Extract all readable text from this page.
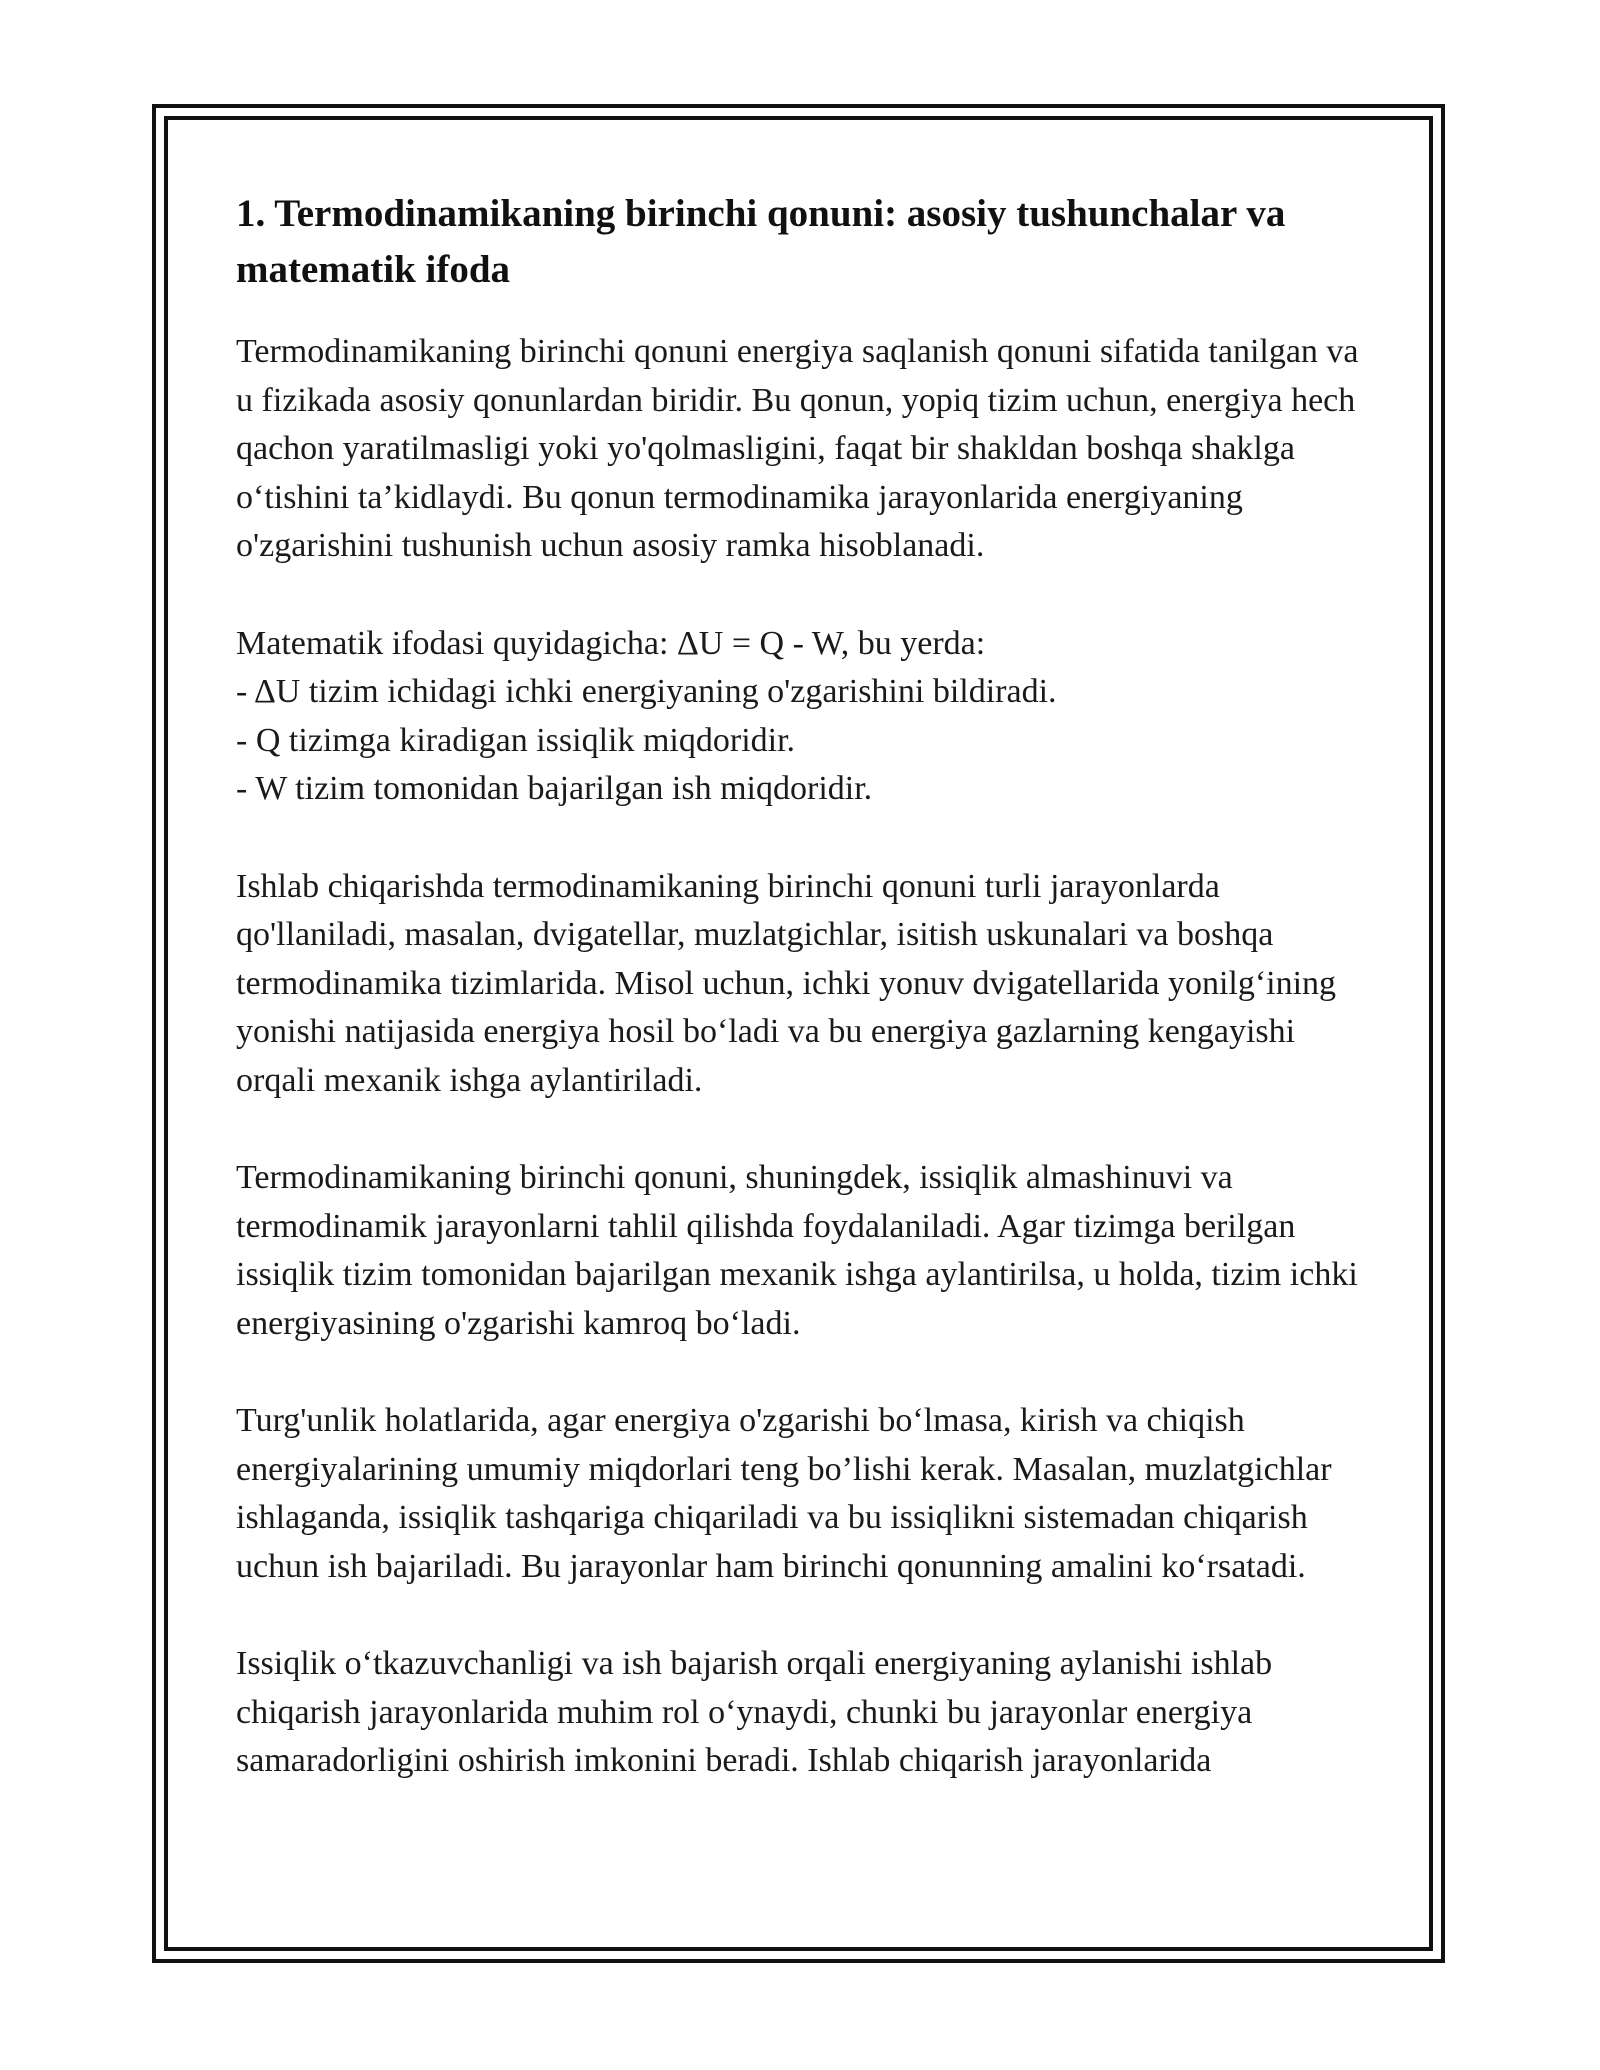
1. Termodinamikaning birinchi qonuni: asosiy tushunchalar va matematik ifoda

Termodinamikaning birinchi qonuni energiya saqlanish qonuni sifatida tanilgan va u fizikada asosiy qonunlardan biridir. Bu qonun, yopiq tizim uchun, energiya hech qachon yaratilmasligi yoki yo'qolmasligini, faqat bir shakldan boshqa shaklga o‘tishini ta’kidlaydi. Bu qonun termodinamika jarayonlarida energiyaning o'zgarishini tushunish uchun asosiy ramka hisoblanadi.

Matematik ifodasi quyidagicha: ΔU = Q - W, bu yerda:
- ΔU tizim ichidagi ichki energiyaning o'zgarishini bildiradi.
- Q tizimga kiradigan issiqlik miqdoridir.
- W tizim tomonidan bajarilgan ish miqdoridir.

Ishlab chiqarishda termodinamikaning birinchi qonuni turli jarayonlarda qo'llaniladi, masalan, dvigatellar, muzlatgichlar, isitish uskunalari va boshqa termodinamika tizimlarida. Misol uchun, ichki yonuv dvigatellarida yonilg‘ining yonishi natijasida energiya hosil bo‘ladi va bu energiya gazlarning kengayishi orqali mexanik ishga aylantiriladi.

Termodinamikaning birinchi qonuni, shuningdek, issiqlik almashinuvi va termodinamik jarayonlarni tahlil qilishda foydalaniladi. Agar tizimga berilgan issiqlik tizim tomonidan bajarilgan mexanik ishga aylantirilsa, u holda, tizim ichki energiyasining o'zgarishi kamroq bo‘ladi.

Turg'unlik holatlarida, agar energiya o'zgarishi bo‘lmasa, kirish va chiqish energiyalarining umumiy miqdorlari teng bo’lishi kerak. Masalan, muzlatgichlar ishlaganda, issiqlik tashqariga chiqariladi va bu issiqlikni sistemadan chiqarish uchun ish bajariladi. Bu jarayonlar ham birinchi qonunning amalini ko‘rsatadi.

Issiqlik o‘tkazuvchanligi va ish bajarish orqali energiyaning aylanishi ishlab chiqarish jarayonlarida muhim rol o‘ynaydi, chunki bu jarayonlar energiya samaradorligini oshirish imkonini beradi. Ishlab chiqarish jarayonlarida
